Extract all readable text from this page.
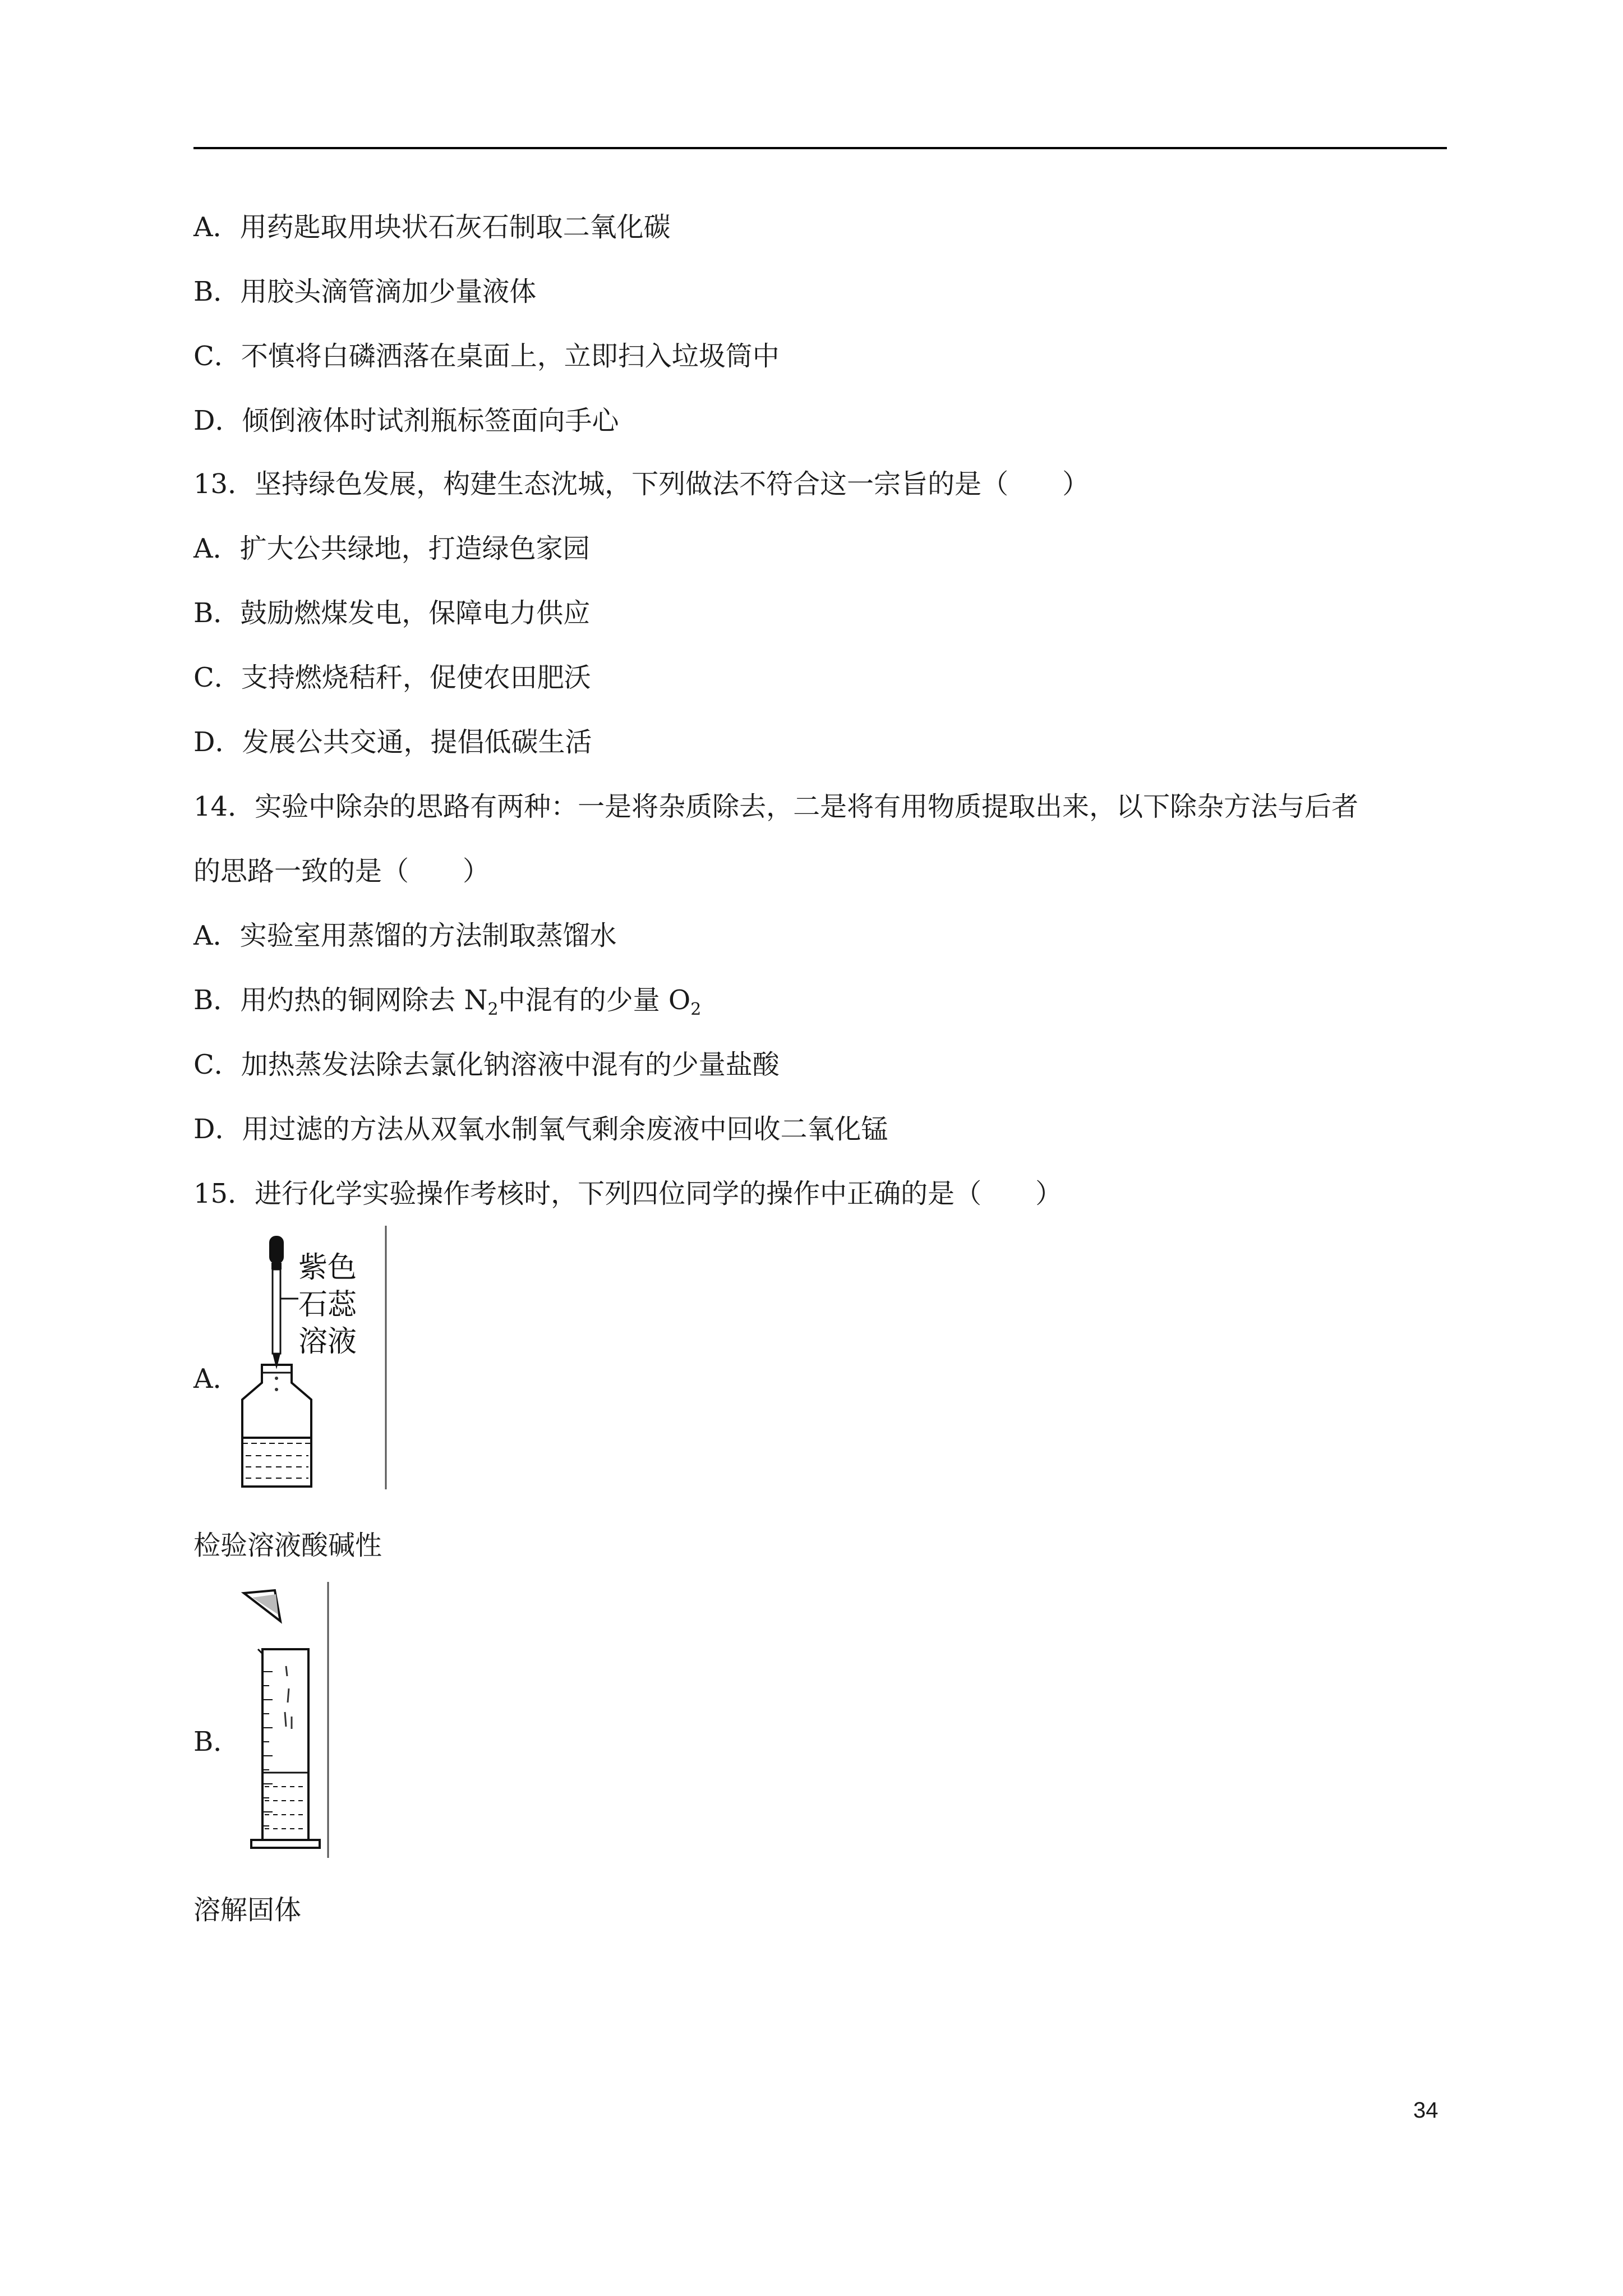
A．用药匙取用块状石灰石制取二氧化碳
B．用胶头滴管滴加少量液体
C．不慎将白磷洒落在桌面上，立即扫入垃圾筒中
D．倾倒液体时试剂瓶标签面向手心
13．坚持绿色发展，构建生态沈城，下列做法不符合这一宗旨的是（　　）
A．扩大公共绿地，打造绿色家园
B．鼓励燃煤发电，保障电力供应
C．支持燃烧秸秆，促使农田肥沃
D．发展公共交通，提倡低碳生活
14．实验中除杂的思路有两种：一是将杂质除去，二是将有用物质提取出来，以下除杂方法与后者
的思路一致的是（　　）
A．实验室用蒸馏的方法制取蒸馏水
B．用灼热的铜网除去 $N_2$中混有的少量 $O_2$
C．加热蒸发法除去氯化钠溶液中混有的少量盐酸
D．用过滤的方法从双氧水制氧气剩余废液中回收二氧化锰
15．进行化学实验操作考核时，下列四位同学的操作中正确的是（　　）
A．
紫色
石蕊
溶液
检验溶液酸碱性
B．
溶解固体
34
